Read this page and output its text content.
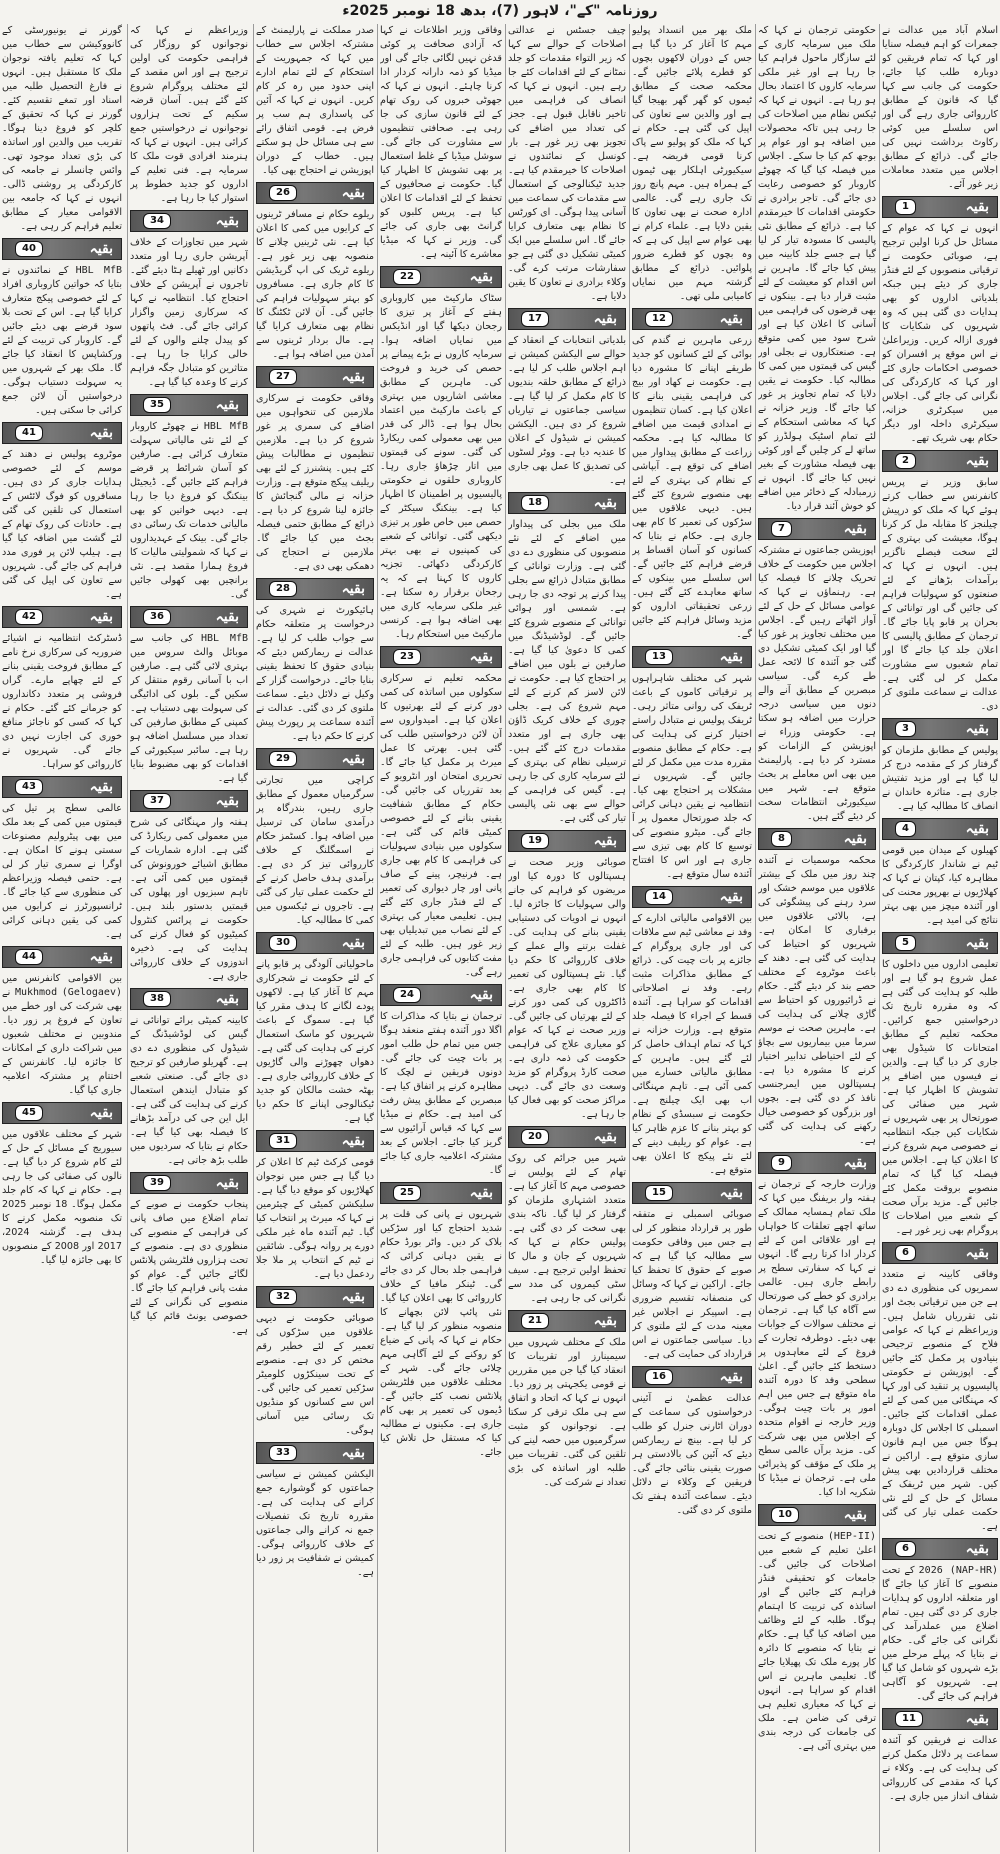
روزنامہ "کے"، لاہور (7)، بدھ 18 نومبر 2025ء

اسلام آباد میں عدالت نے جمعرات کو اہم فیصلہ سنایا اور کہا کہ تمام فریقین کو دوبارہ طلب کیا جائے، حکومت کی جانب سے کہا گیا کہ قانون کے مطابق کارروائی جاری رہے گی اور اس سلسلے میں کوئی رکاوٹ برداشت نہیں کی جائے گی۔ ذرائع کے مطابق اجلاس میں متعدد معاملات زیر غور آئے۔

بقیہ
1

انہوں نے کہا کہ عوام کے مسائل حل کرنا اولین ترجیح ہے، صوبائی حکومت نے ترقیاتی منصوبوں کے لئے فنڈز جاری کر دیئے ہیں جبکہ بلدیاتی اداروں کو بھی ہدایات دی گئی ہیں کہ وہ شہریوں کی شکایات کا فوری ازالہ کریں۔ وزیراعلیٰ نے اس موقع پر افسران کو خصوصی احکامات جاری کئے اور کہا کہ کارکردگی کی نگرانی کی جائے گی۔ اجلاس میں سیکرٹری خزانہ، سیکرٹری داخلہ اور دیگر حکام بھی شریک تھے۔

بقیہ
2

سابق وزیر نے پریس کانفرنس سے خطاب کرتے ہوئے کہا کہ ملک کو درپیش چیلنجز کا مقابلہ مل کر کرنا ہوگا، معیشت کی بہتری کے لئے سخت فیصلے ناگزیر ہیں۔ انہوں نے کہا کہ برآمدات بڑھانے کے لئے صنعتوں کو سہولیات فراہم کی جائیں گی اور توانائی کے بحران پر قابو پایا جائے گا۔ ترجمان کے مطابق پالیسی کا اعلان جلد کیا جائے گا اور تمام شعبوں سے مشاورت مکمل کر لی گئی ہے۔ عدالت نے سماعت ملتوی کر دی۔

بقیہ
3

پولیس کے مطابق ملزمان کو گرفتار کر کے مقدمہ درج کر لیا گیا ہے اور مزید تفتیش جاری ہے۔ متاثرہ خاندان نے انصاف کا مطالبہ کیا ہے۔

بقیہ
4

کھیلوں کے میدان میں قومی ٹیم نے شاندار کارکردگی کا مظاہرہ کیا، کپتان نے کہا کہ کھلاڑیوں نے بھرپور محنت کی اور آئندہ میچز میں بھی بہتر نتائج کی امید ہے۔

بقیہ
5

تعلیمی اداروں میں داخلوں کا عمل شروع ہو گیا ہے اور طلبہ کو ہدایت کی گئی ہے کہ وہ مقررہ تاریخ تک درخواستیں جمع کرائیں۔ محکمہ تعلیم کے مطابق امتحانات کا شیڈول بھی جاری کر دیا گیا ہے۔ والدین نے فیسوں میں اضافے پر تشویش کا اظہار کیا ہے۔ شہر میں صفائی کی صورتحال پر بھی شہریوں نے شکایات کیں جبکہ انتظامیہ نے خصوصی مہم شروع کرنے کا اعلان کیا ہے۔ اجلاس میں فیصلہ کیا گیا کہ تمام منصوبے بروقت مکمل کئے جائیں گے۔ مزید برآں صحت کے شعبے میں اصلاحات کا پروگرام بھی زیر غور ہے۔

بقیہ
6

وفاقی کابینہ نے متعدد سمریوں کی منظوری دے دی ہے جن میں ترقیاتی بجٹ اور نئی تقرریاں شامل ہیں۔ وزیراعظم نے کہا کہ عوامی فلاح کے منصوبے ترجیحی بنیادوں پر مکمل کئے جائیں گے۔ اپوزیشن نے حکومتی پالیسیوں پر تنقید کی اور کہا کہ مہنگائی میں کمی کے لئے عملی اقدامات کئے جائیں۔ اسمبلی کا اجلاس کل دوبارہ ہوگا جس میں اہم قانون سازی متوقع ہے۔ اراکین نے مختلف قراردادیں بھی پیش کیں۔ شہر میں ٹریفک کے مسائل کے حل کے لئے نئی حکمت عملی تیار کی گئی ہے۔

بقیہ
6

(NAP-HR) 2026 کے تحت منصوبے کا آغاز کیا جائے گا اور متعلقہ اداروں کو ہدایات جاری کر دی گئی ہیں۔ تمام اضلاع میں عملدرآمد کی نگرانی کی جائے گی۔ حکام نے بتایا کہ پہلے مرحلے میں بڑے شہروں کو شامل کیا گیا ہے۔ شہریوں کو آگاہی فراہم کی جائے گی۔

بقیہ
11

عدالت نے فریقین کو آئندہ سماعت پر دلائل مکمل کرنے کی ہدایت کی ہے۔ وکلاء نے کہا کہ مقدمے کی کارروائی شفاف انداز میں جاری ہے۔

حکومتی ترجمان نے کہا کہ ملک میں سرمایہ کاری کے لئے سازگار ماحول فراہم کیا جا رہا ہے اور غیر ملکی سرمایہ کاروں کا اعتماد بحال ہو رہا ہے۔ انہوں نے کہا کہ ٹیکس نظام میں اصلاحات کی جا رہی ہیں تاکہ محصولات میں اضافہ ہو اور عوام پر بوجھ کم کیا جا سکے۔ اجلاس میں فیصلہ کیا گیا کہ چھوٹے کاروبار کو خصوصی رعایت دی جائے گی۔ تاجر برادری نے حکومتی اقدامات کا خیرمقدم کیا ہے۔ ذرائع کے مطابق نئی پالیسی کا مسودہ تیار کر لیا گیا ہے جسے جلد کابینہ میں پیش کیا جائے گا۔ ماہرین نے اس اقدام کو معیشت کے لئے مثبت قرار دیا ہے۔ بینکوں نے بھی قرضوں کی فراہمی میں آسانی کا اعلان کیا ہے اور شرح سود میں کمی متوقع ہے۔ صنعتکاروں نے بجلی اور گیس کی قیمتوں میں کمی کا مطالبہ کیا۔ حکومت نے یقین دلایا کہ تمام تجاویز پر غور کیا جائے گا۔ وزیر خزانہ نے کہا کہ معاشی استحکام کے لئے تمام اسٹیک ہولڈرز کو ساتھ لے کر چلیں گے اور کوئی بھی فیصلہ مشاورت کے بغیر نہیں کیا جائے گا۔ انہوں نے زرمبادلہ کے ذخائر میں اضافے کو خوش آئند قرار دیا۔

بقیہ
7

اپوزیشن جماعتوں نے مشترکہ اجلاس میں حکومت کے خلاف تحریک چلانے کا فیصلہ کیا ہے۔ رہنماؤں نے کہا کہ عوامی مسائل کے حل کے لئے آواز اٹھاتے رہیں گے۔ اجلاس میں مختلف تجاویز پر غور کیا گیا اور ایک کمیٹی تشکیل دی گئی جو آئندہ کا لائحہ عمل طے کرے گی۔ سیاسی مبصرین کے مطابق آنے والے دنوں میں سیاسی درجہ حرارت میں اضافہ ہو سکتا ہے۔ حکومتی وزراء نے اپوزیشن کے الزامات کو مسترد کر دیا ہے۔ پارلیمنٹ میں بھی اس معاملے پر بحث متوقع ہے۔ شہر میں سیکیورٹی انتظامات سخت کر دیئے گئے ہیں۔

بقیہ
8

محکمہ موسمیات نے آئندہ چند روز میں ملک کے بیشتر علاقوں میں موسم خشک اور سرد رہنے کی پیشگوئی کی ہے، بالائی علاقوں میں برفباری کا امکان ہے۔ شہریوں کو احتیاط کی ہدایت کی گئی ہے۔ دھند کے باعث موٹروے کے مختلف حصے بند کر دیئے گئے۔ حکام نے ڈرائیوروں کو احتیاط سے گاڑی چلانے کی ہدایت کی ہے۔ ماہرین صحت نے موسم سرما میں بیماریوں سے بچاؤ کے لئے احتیاطی تدابیر اختیار کرنے کا مشورہ دیا ہے۔ ہسپتالوں میں ایمرجنسی نافذ کر دی گئی ہے۔ بچوں اور بزرگوں کو خصوصی خیال رکھنے کی ہدایت کی گئی ہے۔

بقیہ
9

وزارت خارجہ کے ترجمان نے ہفتہ وار بریفنگ میں کہا کہ ملک تمام ہمسایہ ممالک کے ساتھ اچھے تعلقات کا خواہاں ہے اور علاقائی امن کے لئے کردار ادا کرتا رہے گا۔ انہوں نے کہا کہ سفارتی سطح پر رابطے جاری ہیں۔ عالمی برادری کو خطے کی صورتحال سے آگاہ کیا گیا ہے۔ ترجمان نے مختلف سوالات کے جوابات بھی دیئے۔ دوطرفہ تجارت کے فروغ کے لئے معاہدوں پر دستخط کئے جائیں گے۔ اعلیٰ سطحی وفد کا دورہ آئندہ ماہ متوقع ہے جس میں اہم امور پر بات چیت ہوگی۔ وزیر خارجہ نے اقوام متحدہ کے اجلاس میں بھی شرکت کی۔ مزید برآں عالمی سطح پر ملک کے مؤقف کو پذیرائی ملی ہے۔ ترجمان نے میڈیا کا شکریہ ادا کیا۔

بقیہ
10

(HEP-II) منصوبے کے تحت اعلیٰ تعلیم کے شعبے میں اصلاحات کی جائیں گی۔ جامعات کو تحقیقی فنڈز فراہم کئے جائیں گے اور اساتذہ کی تربیت کا اہتمام ہوگا۔ طلبہ کے لئے وظائف میں اضافہ کیا گیا ہے۔ حکام نے بتایا کہ منصوبے کا دائرہ کار پورے ملک تک پھیلایا جائے گا۔ تعلیمی ماہرین نے اس اقدام کو سراہا ہے۔ انہوں نے کہا کہ معیاری تعلیم ہی ترقی کی ضامن ہے۔ ملک کی جامعات کی درجہ بندی میں بہتری آئی ہے۔

ملک بھر میں انسداد پولیو مہم کا آغاز کر دیا گیا ہے جس کے دوران لاکھوں بچوں کو قطرے پلائے جائیں گے۔ محکمہ صحت کے مطابق ٹیموں کو گھر گھر بھیجا گیا ہے اور والدین سے تعاون کی اپیل کی گئی ہے۔ حکام نے کہا کہ ملک کو پولیو سے پاک کرنا قومی فریضہ ہے۔ سیکیورٹی اہلکار بھی ٹیموں کے ہمراہ ہیں۔ مہم پانچ روز تک جاری رہے گی۔ عالمی ادارہ صحت نے بھی تعاون کا یقین دلایا ہے۔ علماء کرام نے بھی عوام سے اپیل کی ہے کہ وہ بچوں کو قطرے ضرور پلوائیں۔ ذرائع کے مطابق گزشتہ مہم میں نمایاں کامیابی ملی تھی۔

بقیہ
12

زرعی ماہرین نے گندم کی بوائی کے لئے کسانوں کو جدید طریقے اپنانے کا مشورہ دیا ہے۔ حکومت نے کھاد اور بیج کی فراہمی یقینی بنانے کا اعلان کیا ہے۔ کسان تنظیموں نے امدادی قیمت میں اضافے کا مطالبہ کیا ہے۔ محکمہ زراعت کے مطابق پیداوار میں اضافے کی توقع ہے۔ آبپاشی کے نظام کی بہتری کے لئے بھی منصوبے شروع کئے گئے ہیں۔ دیہی علاقوں میں سڑکوں کی تعمیر کا کام بھی جاری ہے۔ حکام نے بتایا کہ کسانوں کو آسان اقساط پر قرضے فراہم کئے جائیں گے۔ اس سلسلے میں بینکوں کے ساتھ معاہدے کئے گئے ہیں۔ زرعی تحقیقاتی اداروں کو مزید وسائل فراہم کئے جائیں گے۔

بقیہ
13

شہر کی مختلف شاہراہوں پر ترقیاتی کاموں کے باعث ٹریفک کی روانی متاثر رہی۔ ٹریفک پولیس نے متبادل راستے اختیار کرنے کی ہدایت کی ہے۔ حکام کے مطابق منصوبے مقررہ مدت میں مکمل کر لئے جائیں گے۔ شہریوں نے مشکلات پر احتجاج بھی کیا۔ انتظامیہ نے یقین دہانی کرائی کہ جلد صورتحال معمول پر آ جائے گی۔ میٹرو منصوبے کی توسیع کا کام بھی تیزی سے جاری ہے اور اس کا افتتاح آئندہ سال متوقع ہے۔

بقیہ
14

بین الاقوامی مالیاتی ادارے کے وفد نے معاشی ٹیم سے ملاقات کی اور جاری پروگرام کے جائزے پر بات چیت کی۔ ذرائع کے مطابق مذاکرات مثبت رہے۔ وفد نے اصلاحاتی اقدامات کو سراہا ہے۔ آئندہ قسط کے اجراء کا فیصلہ جلد متوقع ہے۔ وزارت خزانہ نے کہا کہ تمام اہداف حاصل کر لئے گئے ہیں۔ ماہرین کے مطابق مالیاتی خسارے میں کمی آئی ہے۔ تاہم مہنگائی اب بھی ایک چیلنج ہے۔ حکومت نے سبسڈی کے نظام کو بہتر بنانے کا عزم ظاہر کیا ہے۔ عوام کو ریلیف دینے کے لئے نئے پیکج کا اعلان بھی متوقع ہے۔

بقیہ
15

صوبائی اسمبلی نے متفقہ طور پر قرارداد منظور کر لی ہے جس میں وفاقی حکومت سے مطالبہ کیا گیا ہے کہ صوبے کے حقوق کا تحفظ کیا جائے۔ اراکین نے کہا کہ وسائل کی منصفانہ تقسیم ضروری ہے۔ اسپیکر نے اجلاس غیر معینہ مدت کے لئے ملتوی کر دیا۔ سیاسی جماعتوں نے اس قرارداد کی حمایت کی ہے۔

بقیہ
16

عدالت عظمیٰ نے آئینی درخواستوں کی سماعت کے دوران اٹارنی جنرل کو طلب کر لیا ہے۔ بینچ نے ریمارکس دیئے کہ آئین کی بالادستی ہر صورت یقینی بنائی جائے گی۔ فریقین کے وکلاء نے دلائل دیئے۔ سماعت آئندہ ہفتے تک ملتوی کر دی گئی۔

چیف جسٹس نے عدالتی اصلاحات کے حوالے سے کہا کہ زیر التواء مقدمات کو جلد نمٹانے کے لئے اقدامات کئے جا رہے ہیں۔ انہوں نے کہا کہ انصاف کی فراہمی میں تاخیر ناقابل قبول ہے۔ ججز کی تعداد میں اضافے کی تجویز بھی زیر غور ہے۔ بار کونسل کے نمائندوں نے اصلاحات کا خیرمقدم کیا ہے۔ جدید ٹیکنالوجی کے استعمال سے مقدمات کی سماعت میں آسانی پیدا ہوگی۔ ای کورٹس کا نظام بھی متعارف کرایا جائے گا۔ اس سلسلے میں ایک کمیٹی تشکیل دی گئی ہے جو سفارشات مرتب کرے گی۔ وکلاء برادری نے تعاون کا یقین دلایا ہے۔

بقیہ
17

بلدیاتی انتخابات کے انعقاد کے حوالے سے الیکشن کمیشن نے اہم اجلاس طلب کر لیا ہے۔ ذرائع کے مطابق حلقہ بندیوں کا کام مکمل کر لیا گیا ہے۔ سیاسی جماعتوں نے تیاریاں شروع کر دی ہیں۔ الیکشن کمیشن نے شیڈول کے اعلان کا عندیہ دیا ہے۔ ووٹر لسٹوں کی تصدیق کا عمل بھی جاری ہے۔

بقیہ
18

ملک میں بجلی کی پیداوار میں اضافے کے لئے نئے منصوبوں کی منظوری دے دی گئی ہے۔ وزارت توانائی کے مطابق متبادل ذرائع سے بجلی پیدا کرنے پر توجہ دی جا رہی ہے۔ شمسی اور ہوائی توانائی کے منصوبے شروع کئے جائیں گے۔ لوڈشیڈنگ میں کمی کا دعویٰ کیا گیا ہے۔ صارفین نے بلوں میں اضافے پر احتجاج کیا ہے۔ حکومت نے لائن لاسز کم کرنے کے لئے مہم شروع کی ہے۔ بجلی چوری کے خلاف کریک ڈاؤن بھی جاری ہے اور متعدد مقدمات درج کئے گئے ہیں۔ ترسیلی نظام کی بہتری کے لئے سرمایہ کاری کی جا رہی ہے۔ گیس کی فراہمی کے حوالے سے بھی نئی پالیسی تیار کی گئی ہے۔

بقیہ
19

صوبائی وزیر صحت نے ہسپتالوں کا دورہ کیا اور مریضوں کو فراہم کی جانے والی سہولیات کا جائزہ لیا۔ انہوں نے ادویات کی دستیابی یقینی بنانے کی ہدایت کی۔ غفلت برتنے والے عملے کے خلاف کارروائی کا حکم دیا گیا۔ نئے ہسپتالوں کی تعمیر کا کام بھی جاری ہے۔ ڈاکٹروں کی کمی دور کرنے کے لئے بھرتیاں کی جائیں گی۔ وزیر صحت نے کہا کہ عوام کو معیاری علاج کی فراہمی حکومت کی ذمہ داری ہے۔ صحت کارڈ پروگرام کو مزید وسعت دی جائے گی۔ دیہی مراکز صحت کو بھی فعال کیا جا رہا ہے۔

بقیہ
20

شہر میں جرائم کی روک تھام کے لئے پولیس نے خصوصی مہم کا آغاز کیا ہے۔ متعدد اشتہاری ملزمان کو گرفتار کر لیا گیا۔ ناکہ بندی بھی سخت کر دی گئی ہے۔ پولیس حکام نے کہا کہ شہریوں کے جان و مال کا تحفظ اولین ترجیح ہے۔ سیف سٹی کیمروں کی مدد سے نگرانی کی جا رہی ہے۔

بقیہ
21

ملک کے مختلف شہروں میں سیمینارز اور تقریبات کا انعقاد کیا گیا جن میں مقررین نے قومی یکجہتی پر زور دیا۔ انہوں نے کہا کہ اتحاد و اتفاق سے ہی ملک ترقی کر سکتا ہے۔ نوجوانوں کو مثبت سرگرمیوں میں حصہ لینے کی تلقین کی گئی۔ تقریبات میں طلبہ اور اساتذہ کی بڑی تعداد نے شرکت کی۔

وفاقی وزیر اطلاعات نے کہا کہ آزادی صحافت پر کوئی قدغن نہیں لگائی جائے گی اور میڈیا کو ذمہ دارانہ کردار ادا کرنا چاہئے۔ انہوں نے کہا کہ جھوٹی خبروں کی روک تھام کے لئے قانون سازی کی جا رہی ہے۔ صحافتی تنظیموں سے مشاورت کی جائے گی۔ سوشل میڈیا کے غلط استعمال پر بھی تشویش کا اظہار کیا گیا۔ حکومت نے صحافیوں کے تحفظ کے لئے اقدامات کا اعلان کیا ہے۔ پریس کلبوں کو گرانٹ بھی جاری کی جائے گی۔ وزیر نے کہا کہ میڈیا معاشرے کا آئینہ ہے۔

بقیہ
22

سٹاک مارکیٹ میں کاروباری ہفتے کے آغاز پر تیزی کا رجحان دیکھا گیا اور انڈیکس میں نمایاں اضافہ ہوا۔ سرمایہ کاروں نے بڑے پیمانے پر حصص کی خرید و فروخت کی۔ ماہرین کے مطابق معاشی اشاریوں میں بہتری کے باعث مارکیٹ میں اعتماد بحال ہوا ہے۔ ڈالر کی قدر میں بھی معمولی کمی ریکارڈ کی گئی۔ سونے کی قیمتوں میں اتار چڑھاؤ جاری رہا۔ کاروباری حلقوں نے حکومتی پالیسیوں پر اطمینان کا اظہار کیا ہے۔ بینکنگ سیکٹر کے حصص میں خاص طور پر تیزی دیکھی گئی۔ توانائی کے شعبے کی کمپنیوں نے بھی بہتر کارکردگی دکھائی۔ تجزیہ کاروں کا کہنا ہے کہ یہ رجحان برقرار رہ سکتا ہے۔ غیر ملکی سرمایہ کاری میں بھی اضافہ ہوا ہے۔ کرنسی مارکیٹ میں استحکام رہا۔

بقیہ
23

محکمہ تعلیم نے سرکاری سکولوں میں اساتذہ کی کمی دور کرنے کے لئے بھرتیوں کا اعلان کیا ہے۔ امیدواروں سے آن لائن درخواستیں طلب کی گئی ہیں۔ بھرتی کا عمل میرٹ پر مکمل کیا جائے گا۔ تحریری امتحان اور انٹرویو کے بعد تقرریاں کی جائیں گی۔ حکام کے مطابق شفافیت یقینی بنانے کے لئے خصوصی کمیٹی قائم کی گئی ہے۔ سکولوں میں بنیادی سہولیات کی فراہمی کا کام بھی جاری ہے۔ فرنیچر، پینے کے صاف پانی اور چار دیواری کی تعمیر کے لئے فنڈز جاری کئے گئے ہیں۔ تعلیمی معیار کی بہتری کے لئے نصاب میں تبدیلیاں بھی زیر غور ہیں۔ طلبہ کے لئے مفت کتابوں کی فراہمی جاری رہے گی۔

بقیہ
24

ترجمان نے بتایا کہ مذاکرات کا اگلا دور آئندہ ہفتے منعقد ہوگا جس میں تمام حل طلب امور پر بات چیت کی جائے گی۔ دونوں فریقین نے لچک کا مظاہرہ کرنے پر اتفاق کیا ہے۔ مبصرین کے مطابق پیش رفت کی امید ہے۔ حکام نے میڈیا سے کہا کہ قیاس آرائیوں سے گریز کیا جائے۔ اجلاس کے بعد مشترکہ اعلامیہ جاری کیا جائے گا۔

بقیہ
25

شہریوں نے پانی کی قلت پر شدید احتجاج کیا اور سڑکیں بلاک کر دیں۔ واٹر بورڈ حکام نے یقین دہانی کرائی کہ فراہمی جلد بحال کر دی جائے گی۔ ٹینکر مافیا کے خلاف کارروائی کا بھی اعلان کیا گیا۔ نئی پائپ لائن بچھانے کا منصوبہ منظور کر لیا گیا ہے۔ حکام نے کہا کہ پانی کے ضیاع کو روکنے کے لئے آگاہی مہم چلائی جائے گی۔ شہر کے مختلف علاقوں میں فلٹریشن پلانٹس نصب کئے جائیں گے۔ ڈیموں کی تعمیر پر بھی کام جاری ہے۔ مکینوں نے مطالبہ کیا کہ مستقل حل تلاش کیا جائے۔

صدر مملکت نے پارلیمنٹ کے مشترکہ اجلاس سے خطاب میں کہا کہ جمہوریت کے استحکام کے لئے تمام ادارے اپنی حدود میں رہ کر کام کریں۔ انہوں نے کہا کہ آئین کی پاسداری ہم سب پر فرض ہے۔ قومی اتفاق رائے سے ہی مسائل حل ہو سکتے ہیں۔ خطاب کے دوران اپوزیشن نے احتجاج بھی کیا۔

بقیہ
26

ریلوے حکام نے مسافر ٹرینوں کے کرایوں میں کمی کا اعلان کیا ہے۔ نئی ٹرینیں چلانے کا منصوبہ بھی زیر غور ہے۔ ریلوے ٹریک کی اپ گریڈیشن کا کام جاری ہے۔ مسافروں کو بہتر سہولیات فراہم کی جائیں گی۔ آن لائن ٹکٹنگ کا نظام بھی متعارف کرایا گیا ہے۔ مال بردار ٹرینوں سے آمدن میں اضافہ ہوا ہے۔

بقیہ
27

وفاقی حکومت نے سرکاری ملازمین کی تنخواہوں میں اضافے کی سمری پر غور شروع کر دیا ہے۔ ملازمین تنظیموں نے مطالبات پیش کئے ہیں۔ پنشنرز کے لئے بھی ریلیف پیکج متوقع ہے۔ وزارت خزانہ نے مالی گنجائش کا جائزہ لینا شروع کر دیا ہے۔ ذرائع کے مطابق حتمی فیصلہ بجٹ میں کیا جائے گا۔ ملازمین نے احتجاج کی دھمکی بھی دی ہے۔

بقیہ
28

ہائیکورٹ نے شہری کی درخواست پر متعلقہ حکام سے جواب طلب کر لیا ہے۔ عدالت نے ریمارکس دیئے کہ بنیادی حقوق کا تحفظ یقینی بنایا جائے۔ درخواست گزار کے وکیل نے دلائل دیئے۔ سماعت ملتوی کر دی گئی۔ عدالت نے آئندہ سماعت پر رپورٹ پیش کرنے کا حکم دیا ہے۔

بقیہ
29

کراچی میں تجارتی سرگرمیاں معمول کے مطابق جاری رہیں، بندرگاہ پر درآمدی سامان کی ترسیل میں اضافہ ہوا۔ کسٹمز حکام نے اسمگلنگ کے خلاف کارروائی تیز کر دی ہے۔ برآمدی ہدف حاصل کرنے کے لئے حکمت عملی تیار کی گئی ہے۔ تاجروں نے ٹیکسوں میں کمی کا مطالبہ کیا۔

بقیہ
30

ماحولیاتی آلودگی پر قابو پانے کے لئے حکومت نے شجرکاری مہم کا آغاز کیا ہے۔ لاکھوں پودے لگانے کا ہدف مقرر کیا گیا ہے۔ سموگ کے باعث شہریوں کو ماسک استعمال کرنے کی ہدایت کی گئی ہے۔ دھواں چھوڑنے والی گاڑیوں کے خلاف کارروائی جاری ہے۔ بھٹہ خشت مالکان کو جدید ٹیکنالوجی اپنانے کا حکم دیا گیا ہے۔

بقیہ
31

قومی کرکٹ ٹیم کا اعلان کر دیا گیا ہے جس میں نوجوان کھلاڑیوں کو موقع دیا گیا ہے۔ سلیکشن کمیٹی کے چیئرمین نے کہا کہ میرٹ پر انتخاب کیا گیا۔ ٹیم آئندہ ماہ غیر ملکی دورے پر روانہ ہوگی۔ شائقین نے ٹیم کے انتخاب پر ملا جلا ردعمل دیا ہے۔

بقیہ
32

صوبائی حکومت نے دیہی علاقوں میں سڑکوں کی تعمیر کے لئے خطیر رقم مختص کر دی ہے۔ منصوبے کے تحت سینکڑوں کلومیٹر سڑکیں تعمیر کی جائیں گی۔ اس سے کسانوں کو منڈیوں تک رسائی میں آسانی ہوگی۔

بقیہ
33

الیکشن کمیشن نے سیاسی جماعتوں کو گوشوارے جمع کرانے کی ہدایت کی ہے۔ مقررہ تاریخ تک تفصیلات جمع نہ کرانے والی جماعتوں کے خلاف کارروائی ہوگی۔ کمیشن نے شفافیت پر زور دیا ہے۔

وزیراعظم نے کہا کہ نوجوانوں کو روزگار کی فراہمی حکومت کی اولین ترجیح ہے اور اس مقصد کے لئے مختلف پروگرام شروع کئے گئے ہیں۔ آسان قرضہ سکیم کے تحت ہزاروں نوجوانوں نے درخواستیں جمع کرائی ہیں۔ انہوں نے کہا کہ ہنرمند افرادی قوت ملک کا سرمایہ ہے۔ فنی تعلیم کے اداروں کو جدید خطوط پر استوار کیا جا رہا ہے۔

بقیہ
34

شہر میں تجاوزات کے خلاف آپریشن جاری رہا اور متعدد دکانیں اور ٹھیلے ہٹا دیئے گئے۔ تاجروں نے آپریشن کے خلاف احتجاج کیا۔ انتظامیہ نے کہا کہ سرکاری زمین واگزار کرائی جائے گی۔ فٹ پاتھوں کو پیدل چلنے والوں کے لئے خالی کرایا جا رہا ہے۔ متاثرین کو متبادل جگہ فراہم کرنے کا وعدہ کیا گیا ہے۔

بقیہ
35

HBL MfB نے چھوٹے کاروبار کے لئے نئی مالیاتی سہولت متعارف کرائی ہے۔ صارفین کو آسان شرائط پر قرضے فراہم کئے جائیں گے۔ ڈیجیٹل بینکنگ کو فروغ دیا جا رہا ہے۔ دیہی خواتین کو بھی مالیاتی خدمات تک رسائی دی جائے گی۔ بینک کے عہدیداروں نے کہا کہ شمولیتی مالیات کا فروغ ہمارا مقصد ہے۔ نئی برانچیں بھی کھولی جائیں گی۔

بقیہ
36

HBL MfB کی جانب سے موبائل والٹ سروس میں بہتری لائی گئی ہے۔ صارفین اب با آسانی رقوم منتقل کر سکیں گے۔ بلوں کی ادائیگی کی سہولت بھی دستیاب ہے۔ کمپنی کے مطابق صارفین کی تعداد میں مسلسل اضافہ ہو رہا ہے۔ سائبر سیکیورٹی کے اقدامات کو بھی مضبوط بنایا گیا ہے۔

بقیہ
37

ہفتہ وار مہنگائی کی شرح میں معمولی کمی ریکارڈ کی گئی ہے۔ ادارہ شماریات کے مطابق اشیائے خورونوش کی قیمتوں میں کمی آئی ہے۔ تاہم سبزیوں اور پھلوں کی قیمتیں بدستور بلند ہیں۔ حکومت نے پرائس کنٹرول کمیٹیوں کو فعال کرنے کی ہدایت کی ہے۔ ذخیرہ اندوزوں کے خلاف کارروائی جاری ہے۔

بقیہ
38

کابینہ کمیٹی برائے توانائی نے گیس کی لوڈشیڈنگ کے شیڈول کی منظوری دے دی ہے۔ گھریلو صارفین کو ترجیح دی جائے گی۔ صنعتی شعبے کو متبادل ایندھن استعمال کرنے کی ہدایت کی گئی ہے۔ ایل این جی کی درآمد بڑھانے کا فیصلہ بھی کیا گیا ہے۔ حکام نے بتایا کہ سردیوں میں طلب بڑھ جاتی ہے۔

بقیہ
39

پنجاب حکومت نے صوبے کے تمام اضلاع میں صاف پانی کی فراہمی کے منصوبے کی منظوری دی ہے۔ منصوبے کے تحت ہزاروں فلٹریشن پلانٹس لگائے جائیں گے۔ عوام کو مفت پانی فراہم کیا جائے گا۔ منصوبے کی نگرانی کے لئے خصوصی یونٹ قائم کیا گیا ہے۔

گورنر نے یونیورسٹی کے کانووکیشن سے خطاب میں کہا کہ تعلیم یافتہ نوجوان ملک کا مستقبل ہیں۔ انہوں نے فارغ التحصیل طلبہ میں اسناد اور تمغے تقسیم کئے۔ گورنر نے کہا کہ تحقیق کے کلچر کو فروغ دینا ہوگا۔ تقریب میں والدین اور اساتذہ کی بڑی تعداد موجود تھی۔ وائس چانسلر نے جامعہ کی کارکردگی پر روشنی ڈالی۔ انہوں نے کہا کہ جامعہ بین الاقوامی معیار کے مطابق تعلیم فراہم کر رہی ہے۔

بقیہ
40

HBL MfB کے نمائندوں نے بتایا کہ خواتین کاروباری افراد کے لئے خصوصی پیکج متعارف کرایا گیا ہے۔ اس کے تحت بلا سود قرضے بھی دیئے جائیں گے۔ کاروبار کی تربیت کے لئے ورکشاپس کا انعقاد کیا جائے گا۔ ملک بھر کے شہروں میں یہ سہولت دستیاب ہوگی۔ درخواستیں آن لائن جمع کرائی جا سکتی ہیں۔

بقیہ
41

موٹروے پولیس نے دھند کے موسم کے لئے خصوصی ہدایات جاری کر دی ہیں۔ مسافروں کو فوگ لائٹس کے استعمال کی تلقین کی گئی ہے۔ حادثات کی روک تھام کے لئے گشت میں اضافہ کیا گیا ہے۔ ہیلپ لائن پر فوری مدد فراہم کی جائے گی۔ شہریوں سے تعاون کی اپیل کی گئی ہے۔

بقیہ
42

ڈسٹرکٹ انتظامیہ نے اشیائے ضروریہ کی سرکاری نرخ نامے کے مطابق فروخت یقینی بنانے کے لئے چھاپے مارے۔ گراں فروشی پر متعدد دکانداروں کو جرمانے کئے گئے۔ حکام نے کہا کہ کسی کو ناجائز منافع خوری کی اجازت نہیں دی جائے گی۔ شہریوں نے کارروائی کو سراہا۔

بقیہ
43

عالمی سطح پر تیل کی قیمتوں میں کمی کے بعد ملک میں بھی پیٹرولیم مصنوعات سستی ہونے کا امکان ہے۔ اوگرا نے سمری تیار کر لی ہے۔ حتمی فیصلہ وزیراعظم کی منظوری سے کیا جائے گا۔ ٹرانسپورٹرز نے کرایوں میں کمی کی یقین دہانی کرائی ہے۔

بقیہ
44

بین الاقوامی کانفرنس میں Mukhmod (Gelogaev) نے بھی شرکت کی اور خطے میں تعاون کے فروغ پر زور دیا۔ مندوبین نے مختلف شعبوں میں شراکت داری کے امکانات کا جائزہ لیا۔ کانفرنس کے اختتام پر مشترکہ اعلامیہ جاری کیا گیا۔

بقیہ
45

شہر کے مختلف علاقوں میں سیوریج کے مسائل کے حل کے لئے کام شروع کر دیا گیا ہے۔ نالوں کی صفائی کی جا رہی ہے۔ حکام نے کہا کہ کام جلد مکمل ہوگا۔ 18 نومبر 2025 تک منصوبہ مکمل کرنے کا ہدف ہے۔ گزشتہ 2024، 2017 اور 2008 کے منصوبوں کا بھی جائزہ لیا گیا۔
